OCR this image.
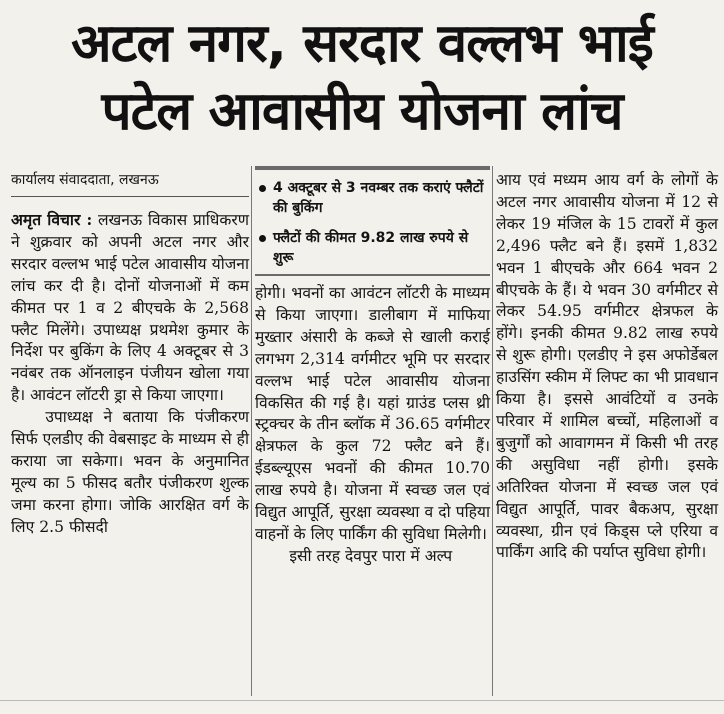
अटल नगर, सरदार वल्लभ भाई
पटेल आवासीय योजना लांच
कार्यालय संवाददाता, लखनऊ

अमृत विचार : लखनऊ विकास प्राधिकरण ने शुक्रवार को अपनी अटल नगर और सरदार वल्लभ भाई पटेल आवासीय योजना लांच कर दी है। दोनों योजनाओं में कम कीमत पर 1 व 2 बीएचके के 2,568 फ्लैट मिलेंगे। उपाध्यक्ष प्रथमेश कुमार के निर्देश पर बुकिंग के लिए 4 अक्टूबर से 3 नवंबर तक ऑनलाइन पंजीयन खोला गया है। आवंटन लॉटरी ड्रा से किया जाएगा।

उपाध्यक्ष ने बताया कि पंजीकरण सिर्फ एलडीए की वेबसाइट के माध्यम से ही कराया जा सकेगा। भवन के अनुमानित मूल्य का 5 फीसद बतौर पंजीकरण शुल्क जमा करना होगा। जोकि आरक्षित वर्ग के लिए 2.5 फीसदी

4 अक्टूबर से 3 नवम्बर तक कराएं फ्लैटों की बुकिंग
फ्लैटों की कीमत 9.82 लाख रुपये से शुरू

होगी। भवनों का आवंटन लॉटरी के माध्यम से किया जाएगा। डालीबाग में माफिया मुख्तार अंसारी के कब्जे से खाली कराई लगभग 2,314 वर्गमीटर भूमि पर सरदार वल्लभ भाई पटेल आवासीय योजना विकसित की गई है। यहां ग्राउंड प्लस थ्री स्ट्रक्चर के तीन ब्लॉक में 36.65 वर्गमीटर क्षेत्रफल के कुल 72 फ्लैट बने हैं। ईडब्ल्यूएस भवनों की कीमत 10.70 लाख रुपये है। योजना में स्वच्छ जल एवं विद्युत आपूर्ति, सुरक्षा व्यवस्था व दो पहिया वाहनों के लिए पार्किंग की सुविधा मिलेगी।

इसी तरह देवपुर पारा में अल्प

आय एवं मध्यम आय वर्ग के लोगों के अटल नगर आवासीय योजना में 12 से लेकर 19 मंजिल के 15 टावरों में कुल 2,496 फ्लैट बने हैं। इसमें 1,832 भवन 1 बीएचके और 664 भवन 2 बीएचके के हैं। ये भवन 30 वर्गमीटर से लेकर 54.95 वर्गमीटर क्षेत्रफल के होंगे। इनकी कीमत 9.82 लाख रुपये से शुरू होगी। एलडीए ने इस अफोर्डेबल हाउसिंग स्कीम में लिफ्ट का भी प्रावधान किया है। इससे आवंटियों व उनके परिवार में शामिल बच्चों, महिलाओं व बुजुर्गों को आवागमन में किसी भी तरह की असुविधा नहीं होगी। इसके अतिरिक्त योजना में स्वच्छ जल एवं विद्युत आपूर्ति, पावर बैकअप, सुरक्षा व्यवस्था, ग्रीन एवं किड्स प्ले एरिया व पार्किंग आदि की पर्याप्त सुविधा होगी।
